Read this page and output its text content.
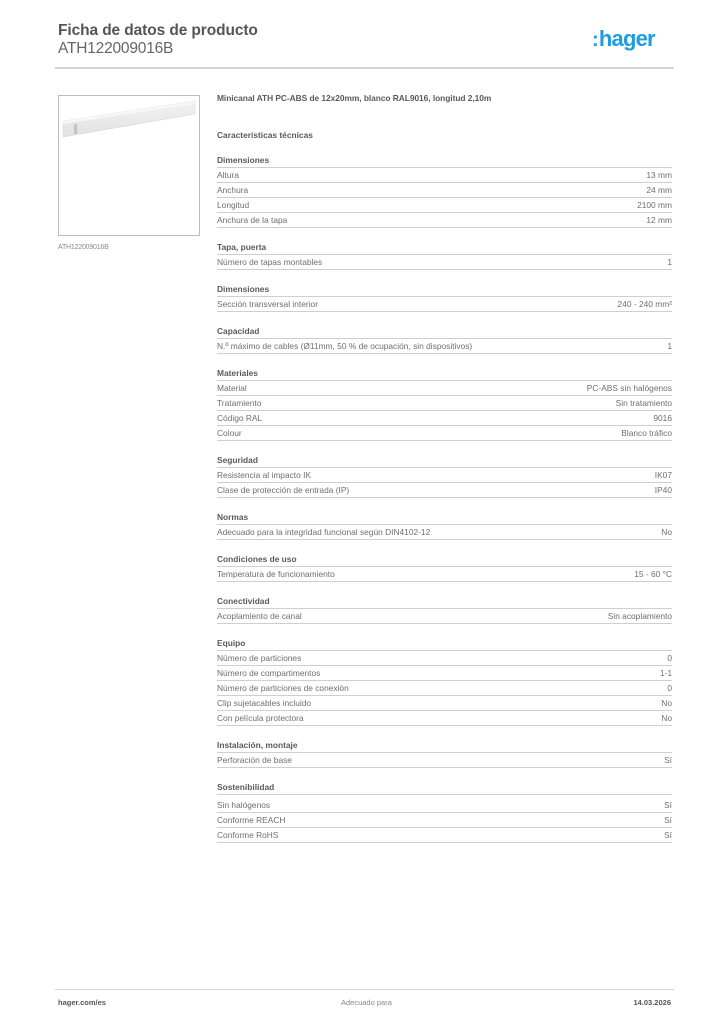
Ficha de datos de producto
ATH122009016B	:hager
ATH122009016B
Minicanal ATH PC-ABS de 12x20mm, blanco RAL9016, longitud 2,10m
Características técnicas
Dimensiones
Altura	13 mm
Anchura	24 mm
Longitud	2100 mm
Anchura de la tapa	12 mm
Tapa, puerta
Número de tapas montables	1
Dimensiones
Sección transversal interior	240 - 240 mm²
Capacidad
N.º máximo de cables (Ø11mm, 50 % de ocupación, sin dispositivos)	1
Materiales
Material	PC-ABS sin halógenos
Tratamiento	Sin tratamiento
Código RAL	9016
Colour	Blanco tráfico
Seguridad
Resistencia al impacto IK	IK07
Clase de protección de entrada (IP)	IP40
Normas
Adecuado para la integridad funcional según DIN4102-12	No
Condiciones de uso
Temperatura de funcionamiento	15 - 60 °C
Conectividad
Acoplamiento de canal	Sin acoplamiento
Equipo
Número de particiones	0
Número de compartimentos	1-1
Número de particiones de conexión	0
Clip sujetacables incluido	No
Con película protectora	No
Instalación, montaje
Perforación de base	Sí
Sostenibilidad
Sin halógenos	Sí
Conforme REACH	Sí
Conforme RoHS	Sí
hager.com/es	Adecuado para	14.03.2026
